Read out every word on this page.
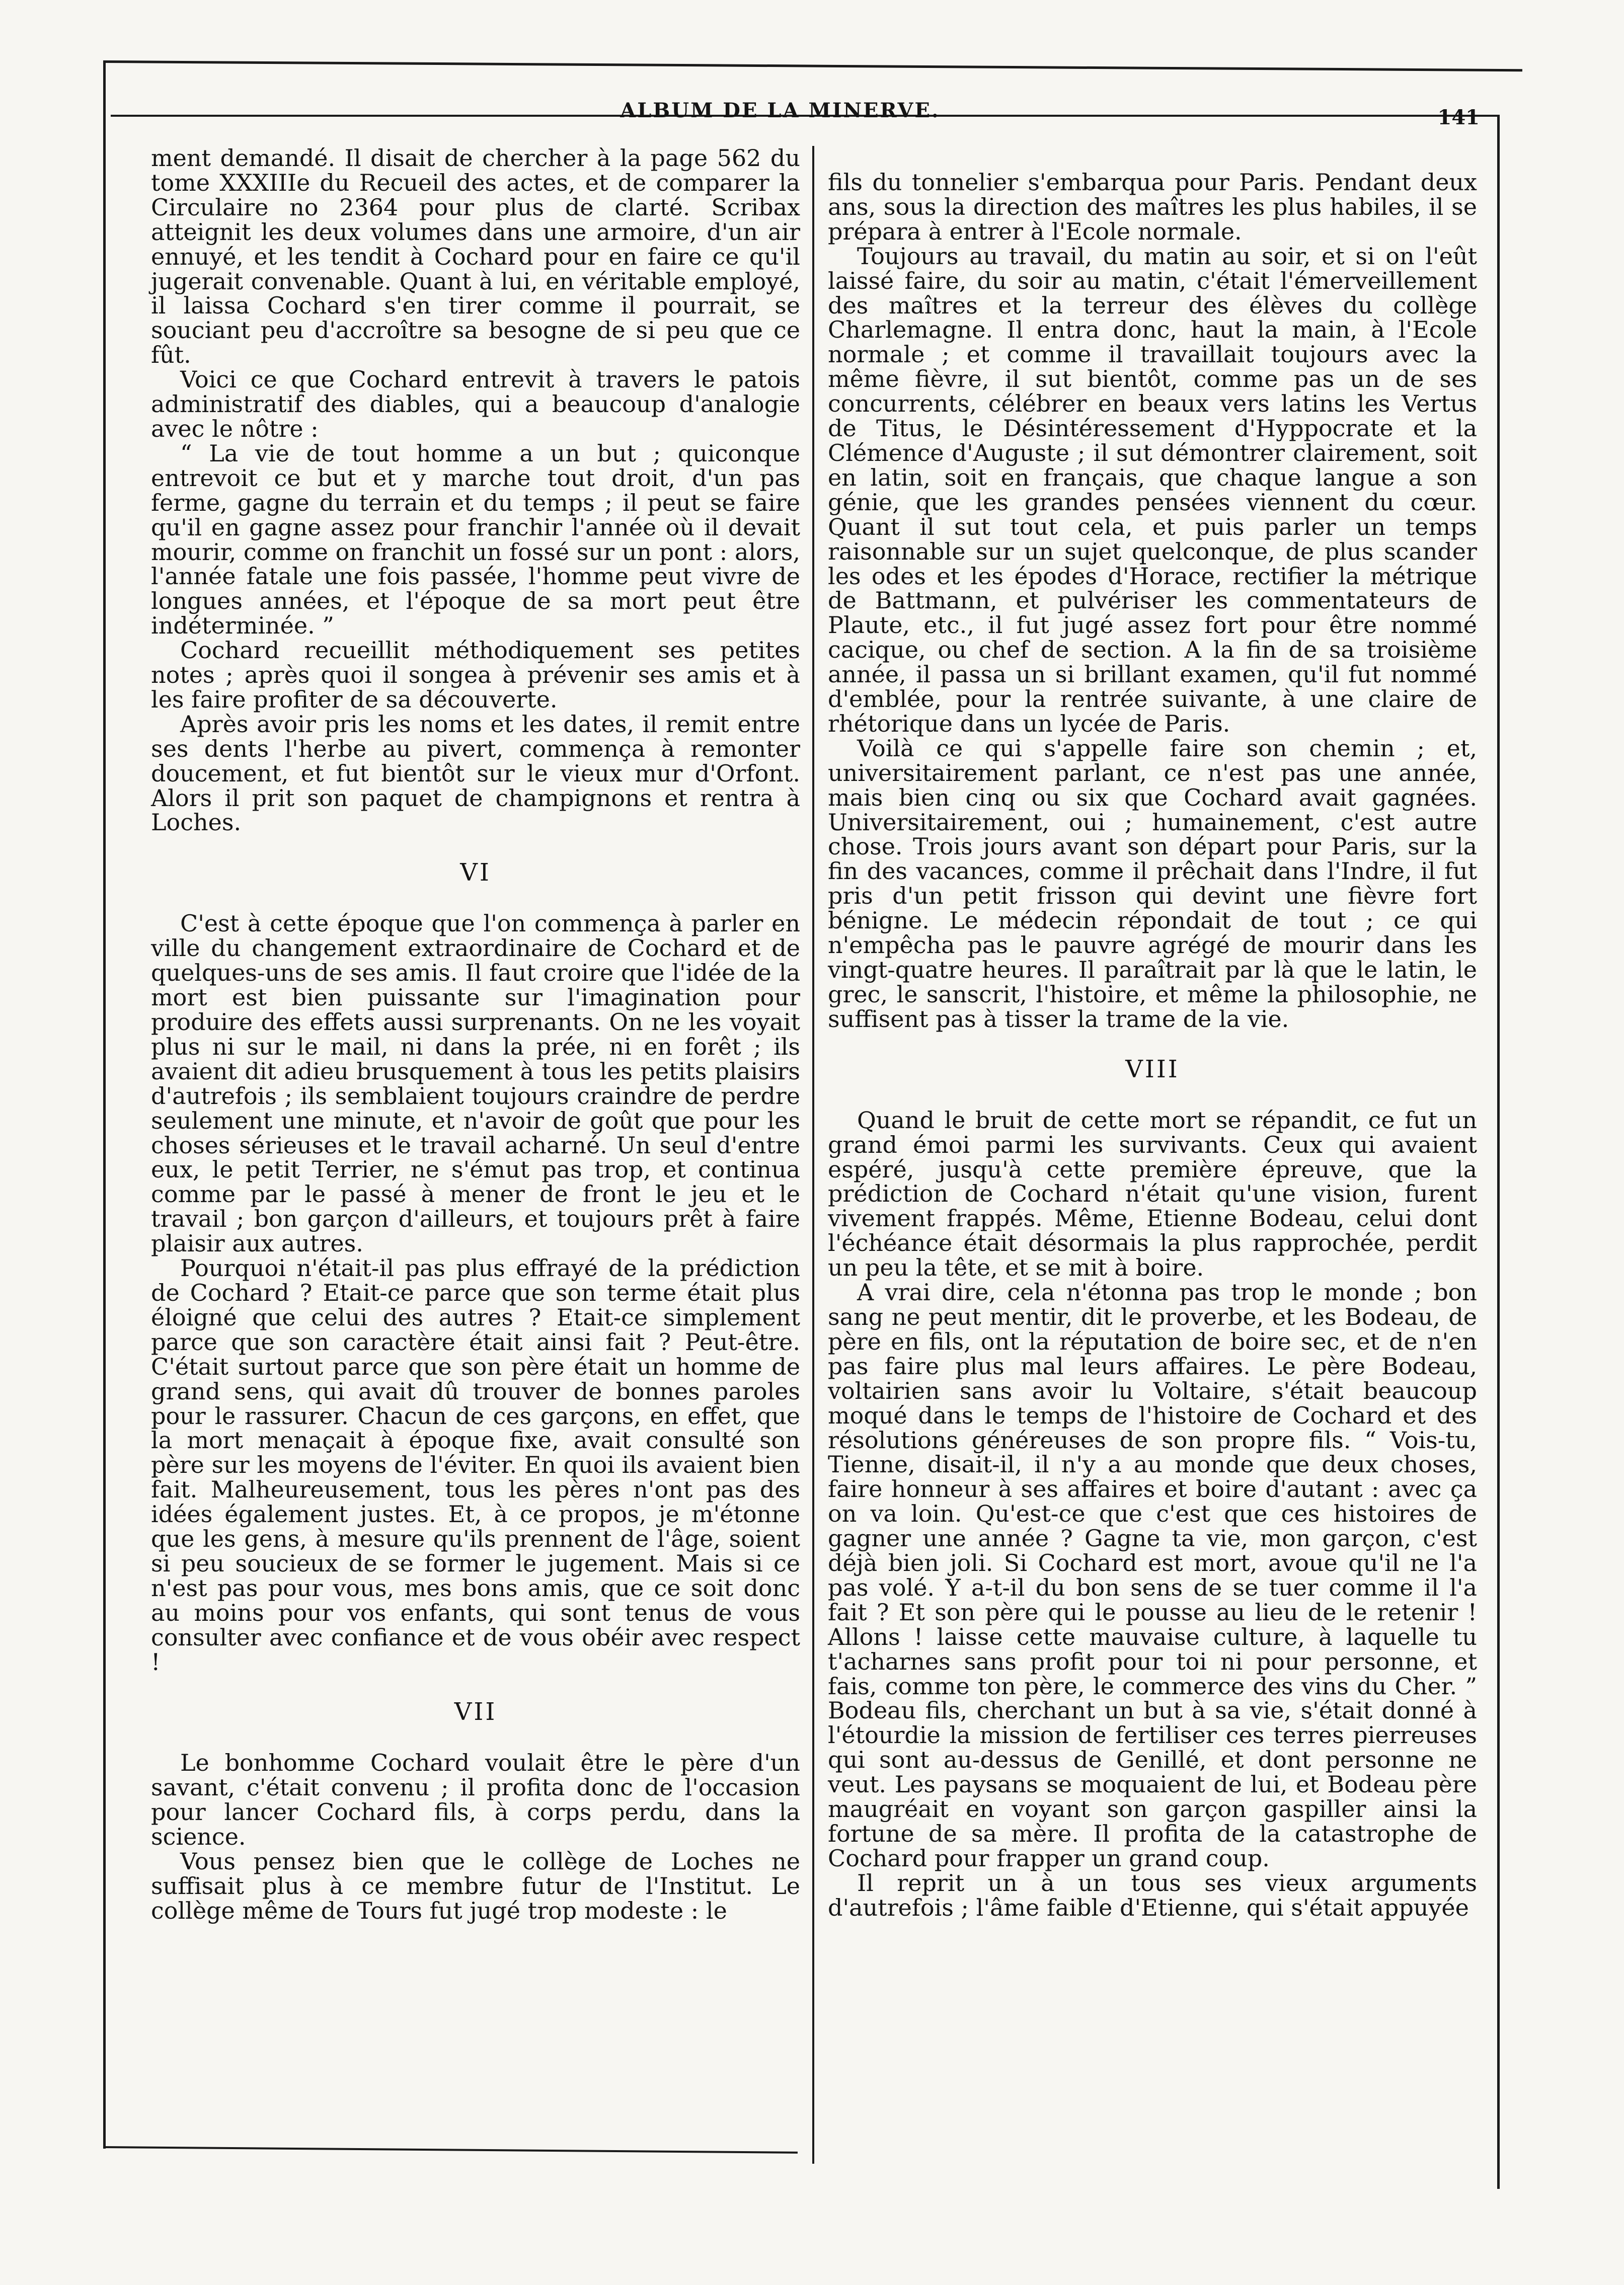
ALBUM DE LA MINERVE.	141

ment demandé. Il disait de chercher à la page 562 du tome XXXIIIe du Recueil des actes, et de comparer la Circulaire no 2364 pour plus de clarté. Scribax atteignit les deux volumes dans une armoire, d'un air ennuyé, et les tendit à Cochard pour en faire ce qu'il jugerait convenable. Quant à lui, en véritable employé, il laissa Cochard s'en tirer comme il pourrait, se souciant peu d'accroître sa besogne de si peu que ce fût.

Voici ce que Cochard entrevit à travers le patois administratif des diables, qui a beaucoup d'analogie avec le nôtre :

“ La vie de tout homme a un but ; quiconque entrevoit ce but et y marche tout droit, d'un pas ferme, gagne du terrain et du temps ; il peut se faire qu'il en gagne assez pour franchir l'année où il devait mourir, comme on franchit un fossé sur un pont : alors, l'année fatale une fois passée, l'homme peut vivre de longues années, et l'époque de sa mort peut être indéterminée. ”

Cochard recueillit méthodiquement ses petites notes ; après quoi il songea à prévenir ses amis et à les faire profiter de sa découverte.

Après avoir pris les noms et les dates, il remit entre ses dents l'herbe au pivert, commença à remonter doucement, et fut bientôt sur le vieux mur d'Orfont. Alors il prit son paquet de champignons et rentra à Loches.

VI

C'est à cette époque que l'on commença à parler en ville du changement extraordinaire de Cochard et de quelques-uns de ses amis. Il faut croire que l'idée de la mort est bien puissante sur l'imagination pour produire des effets aussi surprenants. On ne les voyait plus ni sur le mail, ni dans la prée, ni en forêt ; ils avaient dit adieu brusquement à tous les petits plaisirs d'autrefois ; ils semblaient toujours craindre de perdre seulement une minute, et n'avoir de goût que pour les choses sérieuses et le travail acharné. Un seul d'entre eux, le petit Terrier, ne s'émut pas trop, et continua comme par le passé à mener de front le jeu et le travail ; bon garçon d'ailleurs, et toujours prêt à faire plaisir aux autres.

Pourquoi n'était-il pas plus effrayé de la prédiction de Cochard ? Etait-ce parce que son terme était plus éloigné que celui des autres ? Etait-ce simplement parce que son caractère était ainsi fait ? Peut-être. C'était surtout parce que son père était un homme de grand sens, qui avait dû trouver de bonnes paroles pour le rassurer. Chacun de ces garçons, en effet, que la mort menaçait à époque fixe, avait consulté son père sur les moyens de l'éviter. En quoi ils avaient bien fait. Malheureusement, tous les pères n'ont pas des idées également justes. Et, à ce propos, je m'étonne que les gens, à mesure qu'ils prennent de l'âge, soient si peu soucieux de se former le jugement. Mais si ce n'est pas pour vous, mes bons amis, que ce soit donc au moins pour vos enfants, qui sont tenus de vous consulter avec confiance et de vous obéir avec respect !

VII

Le bonhomme Cochard voulait être le père d'un savant, c'était convenu ; il profita donc de l'occasion pour lancer Cochard fils, à corps perdu, dans la science.

Vous pensez bien que le collège de Loches ne suffisait plus à ce membre futur de l'Institut. Le collège même de Tours fut jugé trop modeste : le

fils du tonnelier s'embarqua pour Paris. Pendant deux ans, sous la direction des maîtres les plus habiles, il se prépara à entrer à l'Ecole normale.

Toujours au travail, du matin au soir, et si on l'eût laissé faire, du soir au matin, c'était l'émerveillement des maîtres et la terreur des élèves du collège Charlemagne. Il entra donc, haut la main, à l'Ecole normale ; et comme il travaillait toujours avec la même fièvre, il sut bientôt, comme pas un de ses concurrents, célébrer en beaux vers latins les Vertus de Titus, le Désintéressement d'Hyppocrate et la Clémence d'Auguste ; il sut démontrer clairement, soit en latin, soit en français, que chaque langue a son génie, que les grandes pensées viennent du cœur. Quant il sut tout cela, et puis parler un temps raisonnable sur un sujet quelconque, de plus scander les odes et les épodes d'Horace, rectifier la métrique de Battmann, et pulvériser les commentateurs de Plaute, etc., il fut jugé assez fort pour être nommé cacique, ou chef de section. A la fin de sa troisième année, il passa un si brillant examen, qu'il fut nommé d'emblée, pour la rentrée suivante, à une claire de rhétorique dans un lycée de Paris.

Voilà ce qui s'appelle faire son chemin ; et, universitairement parlant, ce n'est pas une année, mais bien cinq ou six que Cochard avait gagnées. Universitairement, oui ; humainement, c'est autre chose. Trois jours avant son départ pour Paris, sur la fin des vacances, comme il prêchait dans l'Indre, il fut pris d'un petit frisson qui devint une fièvre fort bénigne. Le médecin répondait de tout ; ce qui n'empêcha pas le pauvre agrégé de mourir dans les vingt-quatre heures. Il paraîtrait par là que le latin, le grec, le sanscrit, l'histoire, et même la philosophie, ne suffisent pas à tisser la trame de la vie.

VIII

Quand le bruit de cette mort se répandit, ce fut un grand émoi parmi les survivants. Ceux qui avaient espéré, jusqu'à cette première épreuve, que la prédiction de Cochard n'était qu'une vision, furent vivement frappés. Même, Etienne Bodeau, celui dont l'échéance était désormais la plus rapprochée, perdit un peu la tête, et se mit à boire.

A vrai dire, cela n'étonna pas trop le monde ; bon sang ne peut mentir, dit le proverbe, et les Bodeau, de père en fils, ont la réputation de boire sec, et de n'en pas faire plus mal leurs affaires. Le père Bodeau, voltairien sans avoir lu Voltaire, s'était beaucoup moqué dans le temps de l'histoire de Cochard et des résolutions généreuses de son propre fils. “ Vois-tu, Tienne, disait-il, il n'y a au monde que deux choses, faire honneur à ses affaires et boire d'autant : avec ça on va loin. Qu'est-ce que c'est que ces histoires de gagner une année ? Gagne ta vie, mon garçon, c'est déjà bien joli. Si Cochard est mort, avoue qu'il ne l'a pas volé. Y a-t-il du bon sens de se tuer comme il l'a fait ? Et son père qui le pousse au lieu de le retenir ! Allons ! laisse cette mauvaise culture, à laquelle tu t'acharnes sans profit pour toi ni pour personne, et fais, comme ton père, le commerce des vins du Cher. ” Bodeau fils, cherchant un but à sa vie, s'était donné à l'étourdie la mission de fertiliser ces terres pierreuses qui sont au-dessus de Genillé, et dont personne ne veut. Les paysans se moquaient de lui, et Bodeau père maugréait en voyant son garçon gaspiller ainsi la fortune de sa mère. Il profita de la catastrophe de Cochard pour frapper un grand coup.

Il reprit un à un tous ses vieux arguments d'autrefois ; l'âme faible d'Etienne, qui s'était appuyée
